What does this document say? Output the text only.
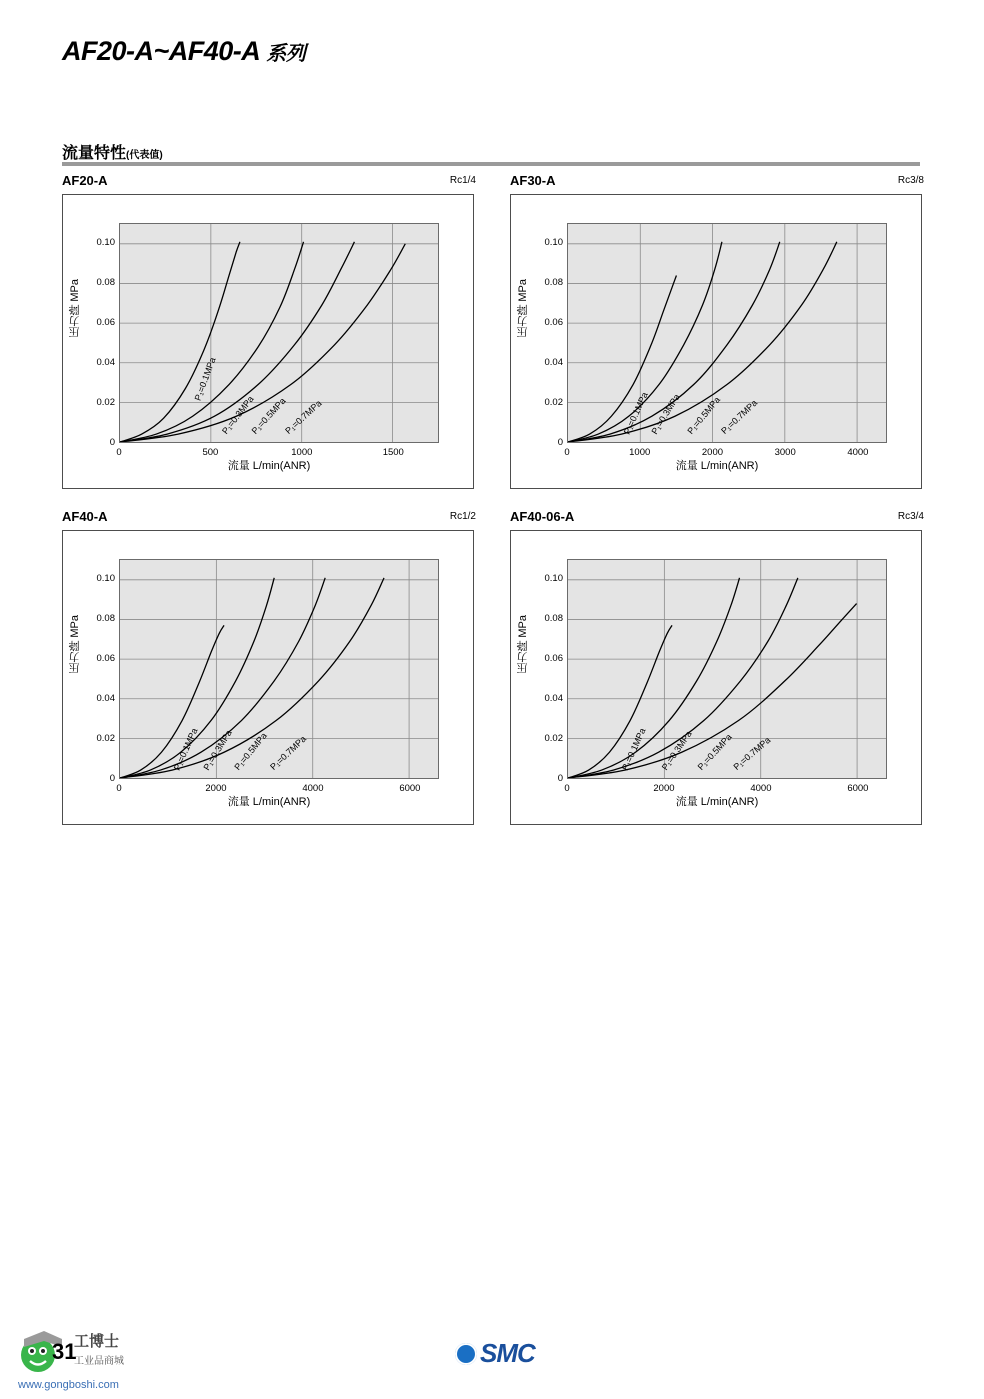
AF20-A~AF40-A 系列
流量特性(代表值)
AF20-A	Rc1/4
压力降 MPa
0
0.02
0.04
0.06
0.08
0.10
P₁=0.1MPa
P₁=0.3MPa
P₁=0.5MPa
P₁=0.7MPa
0	500	1000	1500
流量 L/min(ANR)
AF30-A	Rc3/8
压力降 MPa
0
0.02
0.04
0.06
0.08
0.10
P₁=0.1MPa
P₁=0.3MPa P₁=0.5MPa
P₁=0.7MPa
0	1000	2000	3000	4000
流量 L/min(ANR)
AF40-A	Rc1/2
压力降 MPa
0
0.02
0.04
0.06
0.08
0.10
P₁=0.1MPa P₁=0.3MPa P₁=0.5MPa P₁=0.7MPa
0	2000	4000	6000
流量 L/min(ANR)
AF40-06-A	Rc3/4
压力降 MPa
0
0.02
0.04
0.06
0.08
0.10
P₁=0.1MPa P₁=0.3MPa P₁=0.5MPa
P₁=0.7MPa
0	2000	4000	6000
流量 L/min(ANR)
工博士
工业品商城
www.gongboshi.com
31	SMC
